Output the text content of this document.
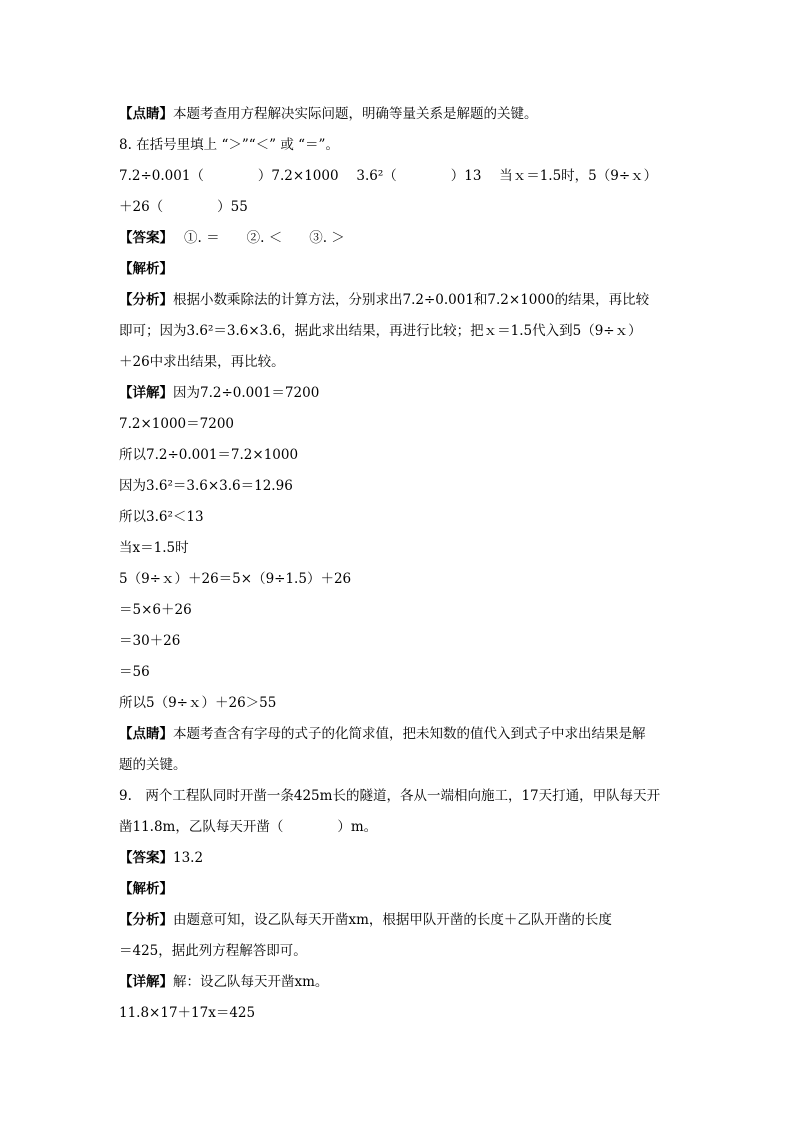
【点睛】本题考查用方程解决实际问题，明确等量关系是解题的关键。
8. 在括号里填上 “＞”“＜” 或 “＝”。
7.2÷0.001（　　　　）7.2×1000　 3.6²（　　　　）13　 当ｘ＝1.5时，5（9÷ｘ）
＋26（　　　　）55
【答案】　 ①. ＝　　②. ＜　　③. ＞
【解析】
【分析】根据小数乘除法的计算方法，分别求出7.2÷0.001和7.2×1000的结果，再比较
即可；因为3.6²＝3.6×3.6，据此求出结果，再进行比较；把ｘ＝1.5代入到5（9÷ｘ）
＋26中求出结果，再比较。
【详解】因为7.2÷0.001＝7200
7.2×1000＝7200
所以7.2÷0.001＝7.2×1000
因为3.6²＝3.6×3.6＝12.96
所以3.6²＜13
当x＝1.5时
5（9÷ｘ）＋26＝5×（9÷1.5）＋26
＝5×6＋26
＝30＋26
＝56
所以5（9÷ｘ）＋26＞55
【点睛】本题考查含有字母的式子的化简求值，把未知数的值代入到式子中求出结果是解
题的关键。
9.　两个工程队同时开凿一条425m长的隧道，各从一端相向施工，17天打通，甲队每天开
凿11.8m，乙队每天开凿（　　　　）m。
【答案】13.2
【解析】
【分析】由题意可知，设乙队每天开凿xm，根据甲队开凿的长度＋乙队开凿的长度
＝425，据此列方程解答即可。
【详解】解：设乙队每天开凿xm。
11.8×17＋17x＝425
